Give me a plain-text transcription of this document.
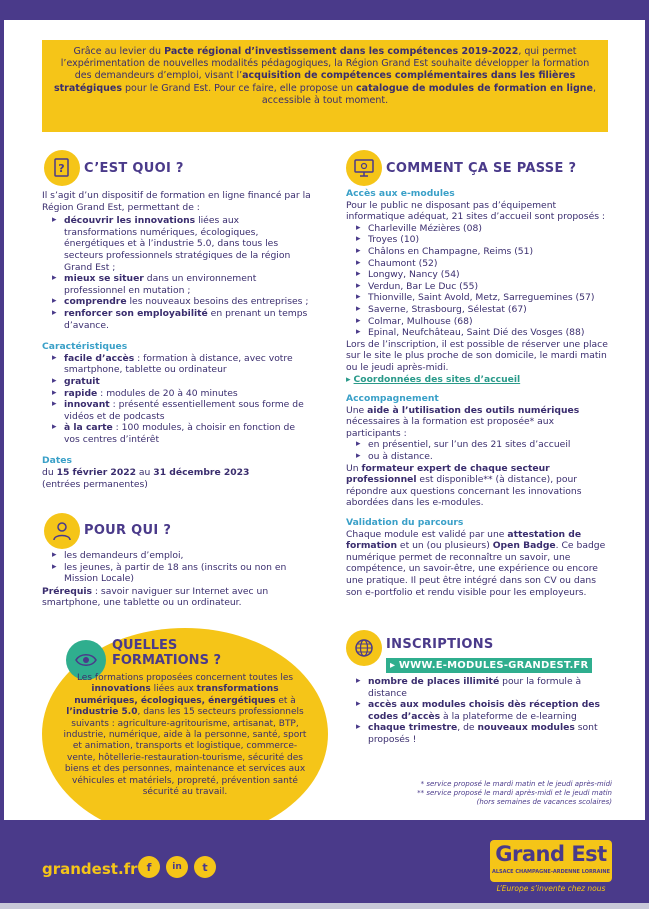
Grâce au levier du Pacte régional d’investissement dans les compétences 2019-2022, qui permet l’expérimentation de nouvelles modalités pédagogiques, la Région Grand Est souhaite développer la formation des demandeurs d’emploi, visant l’acquisition de compétences complémentaires dans les filières stratégiques pour le Grand Est. Pour ce faire, elle propose un catalogue de modules de formation en ligne, accessible à tout moment.
? C’EST QUOI ?
Il s’agit d’un dispositif de formation en ligne financé par la Région Grand Est, permettant de :
▸ découvrir les innovations liées aux transformations numériques, écologiques, énergétiques et à l’industrie 5.0, dans tous les secteurs professionnels stratégiques de la région Grand Est ;
▸ mieux se situer dans un environnement professionnel en mutation ;
▸ comprendre les nouveaux besoins des entreprises ;
▸ renforcer son employabilité en prenant un temps d’avance.
Caractéristiques
▸ facile d’accès : formation à distance, avec votre smartphone, tablette ou ordinateur
▸ gratuit
▸ rapide : modules de 20 à 40 minutes
▸ innovant : présenté essentiellement sous forme de vidéos et de podcasts
▸ à la carte : 100 modules, à choisir en fonction de vos centres d’intérêt
Dates
du 15 février 2022 au 31 décembre 2023
(entrées permanentes)
POUR QUI ?
▸ les demandeurs d’emploi,
▸ les jeunes, à partir de 18 ans (inscrits ou non en Mission Locale)
Prérequis : savoir naviguer sur Internet avec un smartphone, une tablette ou un ordinateur.
QUELLES
FORMATIONS ?
Les formations proposées concernent toutes les innovations liées aux transformations numériques, écologiques, énergétiques et à l’industrie 5.0, dans les 15 secteurs professionnels suivants : agriculture-agritourisme, artisanat, BTP, industrie, numérique, aide à la personne, santé, sport et animation, transports et logistique, commerce-vente, hôtellerie-restauration-tourisme, sécurité des biens et des personnes, maintenance et services aux véhicules et matériels, propreté, prévention santé sécurité au travail.
COMMENT ÇA SE PASSE ?
Accès aux e-modules
Pour le public ne disposant pas d’équipement informatique adéquat, 21 sites d’accueil sont proposés :
▸ Charleville Mézières (08)
▸ Troyes (10)
▸ Châlons en Champagne, Reims (51)
▸ Chaumont (52)
▸ Longwy, Nancy (54)
▸ Verdun, Bar Le Duc (55)
▸ Thionville, Saint Avold, Metz, Sarreguemines (57)
▸ Saverne, Strasbourg, Sélestat (67)
▸ Colmar, Mulhouse (68)
▸ Epinal, Neufchâteau, Saint Dié des Vosges (88)
Lors de l’inscription, il est possible de réserver une place sur le site le plus proche de son domicile, le mardi matin ou le jeudi après-midi.
▸ Coordonnées des sites d’accueil
Accompagnement
Une aide à l’utilisation des outils numériques nécessaires à la formation est proposée* aux participants :
▸ en présentiel, sur l’un des 21 sites d’accueil
▸ ou à distance.
Un formateur expert de chaque secteur professionnel est disponible** (à distance), pour répondre aux questions concernant les innovations abordées dans les e-modules.
Validation du parcours
Chaque module est validé par une attestation de formation et un (ou plusieurs) Open Badge. Ce badge numérique permet de reconnaître un savoir, une compétence, un savoir-être, une expérience ou encore une pratique. Il peut être intégré dans son CV ou dans son e-portfolio et rendu visible pour les employeurs.
INSCRIPTIONS
▸ WWW.E-MODULES-GRANDEST.FR
▸ nombre de places illimité pour la formule à distance
▸ accès aux modules choisis dès réception des codes d’accès à la plateforme de e-learning
▸ chaque trimestre, de nouveaux modules sont proposés !
* service proposé le mardi matin et le jeudi après-midi
** service proposé le mardi après-midi et le jeudi matin
(hors semaines de vacances scolaires)
grandest.fr f	in	t
Grand Est
ALSACE CHAMPAGNE-ARDENNE LORRAINE
L’Europe s’invente chez nous
